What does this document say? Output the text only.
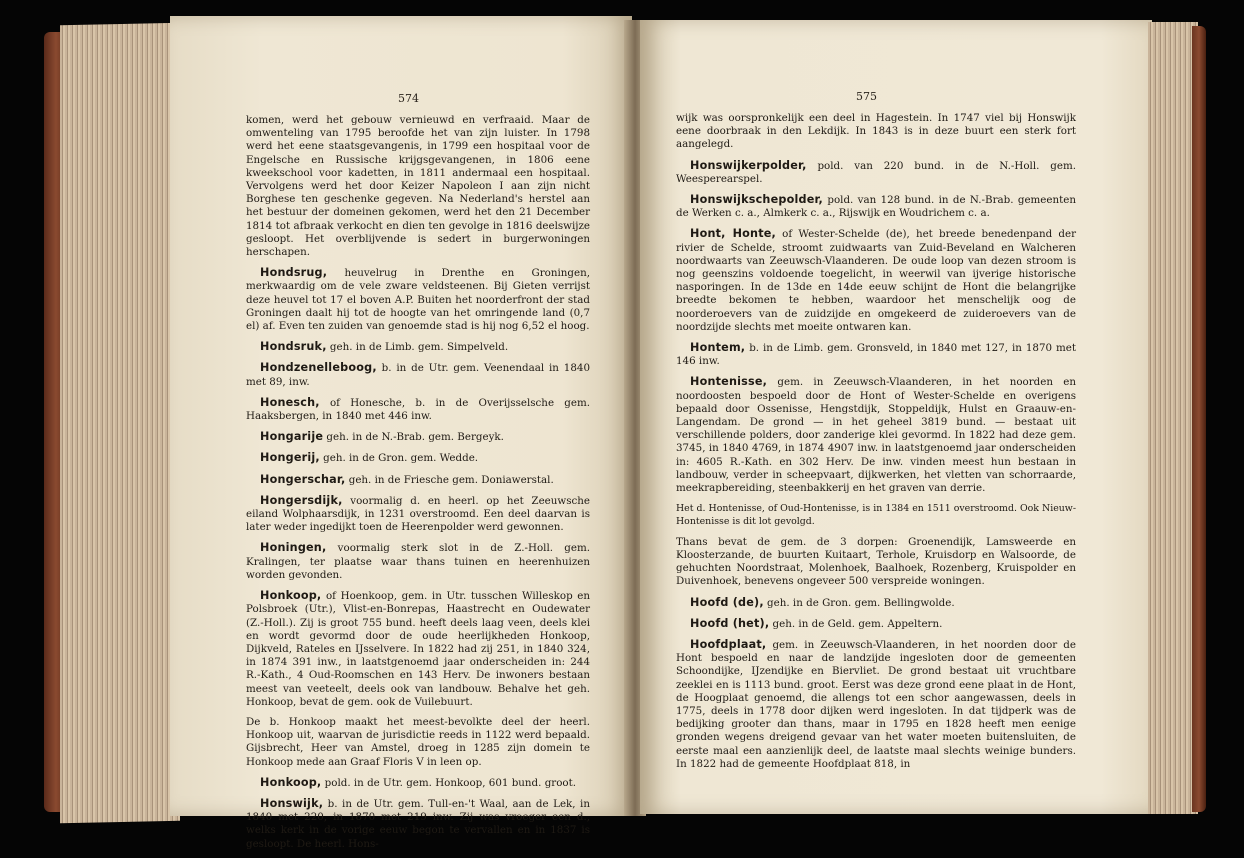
574	575

komen, werd het gebouw vernieuwd en verfraaid. Maar de omwenteling van 1795 beroofde het van zijn luister. In 1798 werd het eene staatsgevangenis, in 1799 een hospitaal voor de Engelsche en Russische krijgsgevangenen, in 1806 eene kweekschool voor kadetten, in 1811 andermaal een hospitaal. Vervolgens werd het door Keizer Napoleon I aan zijn nicht Borghese ten geschenke gegeven. Na Nederland's herstel aan het bestuur der domeinen gekomen, werd het den 21 December 1814 tot afbraak verkocht en dien ten gevolge in 1816 deelswijze gesloopt. Het overblijvende is sedert in burgerwoningen herschapen.

Hondsrug, heuvelrug in Drenthe en Groningen, merkwaardig om de vele zware veldsteenen. Bij Gieten verrijst deze heuvel tot 17 el boven A.P. Buiten het noorderfront der stad Groningen daalt hij tot de hoogte van het omringende land (0,7 el) af. Even ten zuiden van genoemde stad is hij nog 6,52 el hoog.

Hondsruk, geh. in de Limb. gem. Simpelveld.

Hondzenelleboog, b. in de Utr. gem. Veenendaal in 1840 met 89, inw.

Honesch, of Honesche, b. in de Overijsselsche gem. Haaksbergen, in 1840 met 446 inw.

Hongarije geh. in de N.-Brab. gem. Bergeyk.

Hongerij, geh. in de Gron. gem. Wedde.

Hongerschar, geh. in de Friesche gem. Doniawerstal.

Hongersdijk, voormalig d. en heerl. op het Zeeuwsche eiland Wolphaarsdijk, in 1231 overstroomd. Een deel daarvan is later weder ingedijkt toen de Heerenpolder werd gewonnen.

Honingen, voormalig sterk slot in de Z.-Holl. gem. Kralingen, ter plaatse waar thans tuinen en heerenhuizen worden gevonden.

Honkoop, of Hoenkoop, gem. in Utr. tusschen Willeskop en Polsbroek (Utr.), Vlist-en-Bonrepas, Haastrecht en Oudewater (Z.-Holl.). Zij is groot 755 bund. heeft deels laag veen, deels klei en wordt gevormd door de oude heerlijkheden Honkoop, Dijkveld, Rateles en IJsselvere. In 1822 had zij 251, in 1840 324, in 1874 391 inw., in laatstgenoemd jaar onderscheiden in: 244 R.-Kath., 4 Oud-Roomschen en 143 Herv. De inwoners bestaan meest van veeteelt, deels ook van landbouw. Behalve het geh. Honkoop, bevat de gem. ook de Vuilebuurt.

De b. Honkoop maakt het meest-bevolkte deel der heerl. Honkoop uit, waarvan de jurisdictie reeds in 1122 werd bepaald. Gijsbrecht, Heer van Amstel, droeg in 1285 zijn domein te Honkoop mede aan Graaf Floris V in leen op.

Honkoop, pold. in de Utr. gem. Honkoop, 601 bund. groot.

Honswijk, b. in de Utr. gem. Tull-en-'t Waal, aan de Lek, in 1840 met 220, in 1870 met 219 inw. Zij was vroeger een d., welks kerk in de vorige eeuw begon te vervallen en in 1837 is gesloopt. De heerl. Hons-

wijk was oorspronkelijk een deel in Hagestein. In 1747 viel bij Honswijk eene doorbraak in den Lekdijk. In 1843 is in deze buurt een sterk fort aangelegd.

Honswijkerpolder, pold. van 220 bund. in de N.-Holl. gem. Weesperearspel.

Honswijkschepolder, pold. van 128 bund. in de N.-Brab. gemeenten de Werken c. a., Almkerk c. a., Rijswijk en Woudrichem c. a.

Hont, Honte, of Wester-Schelde (de), het breede benedenpand der rivier de Schelde, stroomt zuidwaarts van Zuid-Beveland en Walcheren noordwaarts van Zeeuwsch-Vlaanderen. De oude loop van dezen stroom is nog geenszins voldoende toegelicht, in weerwil van ijverige historische nasporingen. In de 13de en 14de eeuw schijnt de Hont die belangrijke breedte bekomen te hebben, waardoor het menschelijk oog de noorderoevers van de zuidzijde en omgekeerd de zuideroevers van de noordzijde slechts met moeite ontwaren kan.

Hontem, b. in de Limb. gem. Gronsveld, in 1840 met 127, in 1870 met 146 inw.

Hontenisse, gem. in Zeeuwsch-Vlaanderen, in het noorden en noordoosten bespoeld door de Hont of Wester-Schelde en overigens bepaald door Ossenisse, Hengstdijk, Stoppeldijk, Hulst en Graauw-en-Langendam. De grond — in het geheel 3819 bund. — bestaat uit verschillende polders, door zanderige klei gevormd. In 1822 had deze gem. 3745, in 1840 4769, in 1874 4907 inw. in laatstgenoemd jaar onderscheiden in: 4605 R.-Kath. en 302 Herv. De inw. vinden meest hun bestaan in landbouw, verder in scheepvaart, dijkwerken, het vletten van schorraarde, meekrapbereiding, steenbakkerij en het graven van derrie.

Het d. Hontenisse, of Oud-Hontenisse, is in 1384 en 1511 overstroomd. Ook Nieuw-Hontenisse is dit lot gevolgd.

Thans bevat de gem. de 3 dorpen: Groenendijk, Lamsweerde en Kloosterzande, de buurten Kuitaart, Terhole, Kruisdorp en Walsoorde, de gehuchten Noordstraat, Molenhoek, Baalhoek, Rozenberg, Kruispolder en Duivenhoek, benevens ongeveer 500 verspreide woningen.

Hoofd (de), geh. in de Gron. gem. Bellingwolde.

Hoofd (het), geh. in de Geld. gem. Appeltern.

Hoofdplaat, gem. in Zeeuwsch-Vlaanderen, in het noorden door de Hont bespoeld en naar de landzijde ingesloten door de gemeenten Schoondijke, IJzendijke en Biervliet. De grond bestaat uit vruchtbare zeeklei en is 1113 bund. groot. Eerst was deze grond eene plaat in de Hont, de Hoogplaat genoemd, die allengs tot een schor aangewassen, deels in 1775, deels in 1778 door dijken werd ingesloten. In dat tijdperk was de bedijking grooter dan thans, maar in 1795 en 1828 heeft men eenige gronden wegens dreigend gevaar van het water moeten buitensluiten, de eerste maal een aanzienlijk deel, de laatste maal slechts weinige bunders. In 1822 had de gemeente Hoofdplaat 818, in
